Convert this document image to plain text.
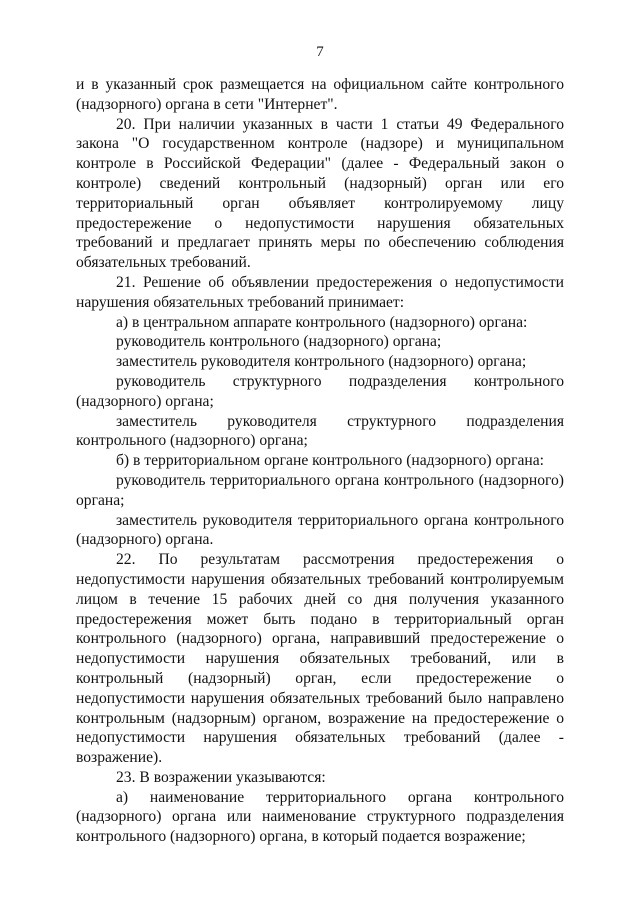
7

и в указанный срок размещается на официальном сайте контрольного (надзорного) органа в сети "Интернет".

20. При наличии указанных в части 1 статьи 49 Федерального закона "О государственном контроле (надзоре) и муниципальном контроле в Российской Федерации" (далее - Федеральный закон о контроле) сведений контрольный (надзорный) орган или его территориальный орган объявляет контролируемому лицу предостережение о недопустимости нарушения обязательных требований и предлагает принять меры по обеспечению соблюдения обязательных требований.

21. Решение об объявлении предостережения о недопустимости нарушения обязательных требований принимает:

а) в центральном аппарате контрольного (надзорного) органа:

руководитель контрольного (надзорного) органа;

заместитель руководителя контрольного (надзорного) органа;

руководитель структурного подразделения контрольного (надзорного) органа;

заместитель руководителя структурного подразделения контрольного (надзорного) органа;

б) в территориальном органе контрольного (надзорного) органа:

руководитель территориального органа контрольного (надзорного) органа;

заместитель руководителя территориального органа контрольного (надзорного) органа.

22. По результатам рассмотрения предостережения о недопустимости нарушения обязательных требований контролируемым лицом в течение 15 рабочих дней со дня получения указанного предостережения может быть подано в территориальный орган контрольного (надзорного) органа, направивший предостережение о недопустимости нарушения обязательных требований, или в контрольный (надзорный) орган, если предостережение о недопустимости нарушения обязательных требований было направлено контрольным (надзорным) органом, возражение на предостережение о недопустимости нарушения обязательных требований (далее - возражение).

23. В возражении указываются:

а) наименование территориального органа контрольного (надзорного) органа или наименование структурного подразделения контрольного (надзорного) органа, в который подается возражение;
